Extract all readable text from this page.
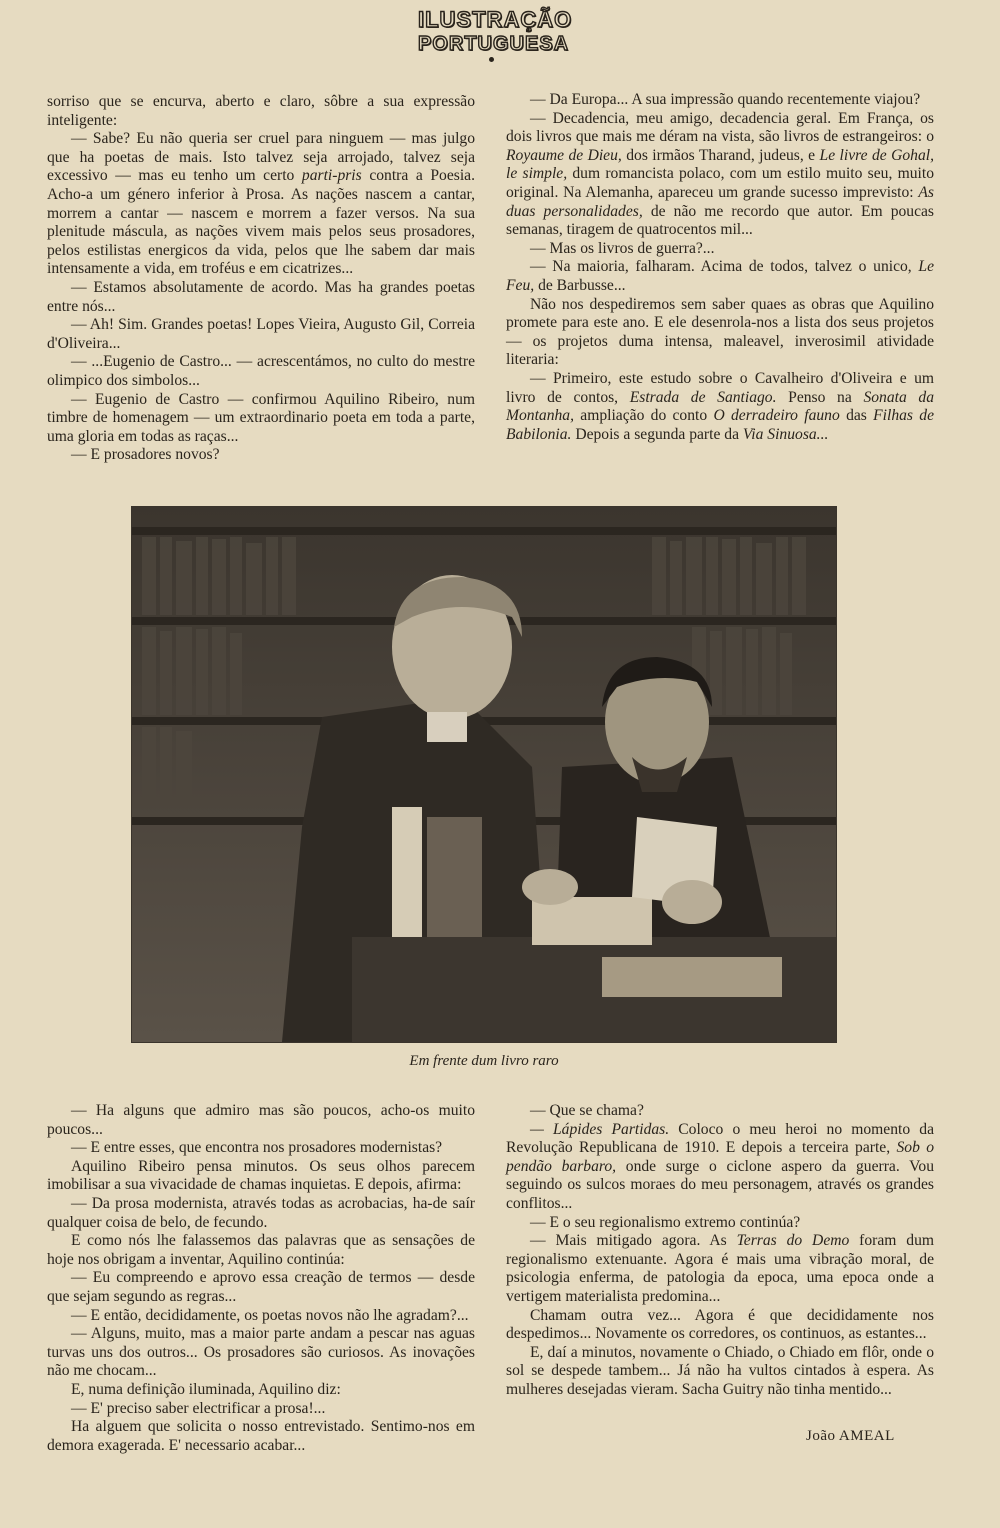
ILUSTRAÇÃO
PORTUGUESA

sorriso que se encurva, aberto e claro, sôbre a sua expressão inteligente:

— Sabe? Eu não queria ser cruel para ninguem — mas julgo que ha poetas de mais. Isto talvez seja arrojado, talvez seja excessivo — mas eu tenho um certo parti-pris contra a Poesia. Acho-a um género inferior à Prosa. As nações nascem a cantar, morrem a cantar — nascem e morrem a fazer versos. Na sua plenitude máscula, as nações vivem mais pelos seus prosadores, pelos estilistas energicos da vida, pelos que lhe sabem dar mais intensamente a vida, em troféus e em cicatrizes...

— Estamos absolutamente de acordo. Mas ha grandes poetas entre nós...

— Ah! Sim. Grandes poetas! Lopes Vieira, Augusto Gil, Correia d'Oliveira...

— ...Eugenio de Castro... — acrescentámos, no culto do mestre olimpico dos simbolos...

— Eugenio de Castro — confirmou Aquilino Ribeiro, num timbre de homenagem — um extraordinario poeta em toda a parte, uma gloria em todas as raças...

— E prosadores novos?

— Da Europa... A sua impressão quando recentemente viajou?

— Decadencia, meu amigo, decadencia geral. Em França, os dois livros que mais me déram na vista, são livros de estrangeiros: o Royaume de Dieu, dos irmãos Tharand, judeus, e Le livre de Gohal, le simple, dum romancista polaco, com um estilo muito seu, muito original. Na Alemanha, apareceu um grande sucesso imprevisto: As duas personalidades, de não me recordo que autor. Em poucas semanas, tiragem de quatrocentos mil...

— Mas os livros de guerra?...

— Na maioria, falharam. Acima de todos, talvez o unico, Le Feu, de Barbusse...

Não nos despediremos sem saber quaes as obras que Aquilino promete para este ano. E ele desenrola-nos a lista dos seus projetos — os projetos duma intensa, maleavel, inverosimil atividade literaria:

— Primeiro, este estudo sobre o Cavalheiro d'Oliveira e um livro de contos, Estrada de Santiago. Penso na Sonata da Montanha, ampliação do conto O derradeiro fauno das Filhas de Babilonia. Depois a segunda parte da Via Sinuosa...

Em frente dum livro raro

— Ha alguns que admiro mas são poucos, acho-os muito poucos...

— E entre esses, que encontra nos prosadores modernistas?

Aquilino Ribeiro pensa minutos. Os seus olhos parecem imobilisar a sua vivacidade de chamas inquietas. E depois, afirma:

— Da prosa modernista, através todas as acrobacias, ha-de saír qualquer coisa de belo, de fecundo.

E como nós lhe falassemos das palavras que as sensações de hoje nos obrigam a inventar, Aquilino continúa:

— Eu compreendo e aprovo essa creação de termos — desde que sejam segundo as regras...

— E então, decididamente, os poetas novos não lhe agradam?...

— Alguns, muito, mas a maior parte andam a pescar nas aguas turvas uns dos outros... Os prosadores são curiosos. As inovações não me chocam...

E, numa definição iluminada, Aquilino diz:

— E' preciso saber electrificar a prosa!...

Ha alguem que solicita o nosso entrevistado. Sentimo-nos em demora exagerada. E' necessario acabar...

— Que se chama?

— Lápides Partidas. Coloco o meu heroi no momento da Revolução Republicana de 1910. E depois a terceira parte, Sob o pendão barbaro, onde surge o ciclone aspero da guerra. Vou seguindo os sulcos moraes do meu personagem, através os grandes conflitos...

— E o seu regionalismo extremo continúa?

— Mais mitigado agora. As Terras do Demo foram dum regionalismo extenuante. Agora é mais uma vibração moral, de psicologia enferma, de patologia da epoca, uma epoca onde a vertigem materialista predomina...

Chamam outra vez... Agora é que decididamente nos despedimos... Novamente os corredores, os continuos, as estantes...

E, daí a minutos, novamente o Chiado, o Chiado em flôr, onde o sol se despede tambem... Já não ha vultos cintados à espera. As mulheres desejadas vieram. Sacha Guitry não tinha mentido...

João AMEAL
